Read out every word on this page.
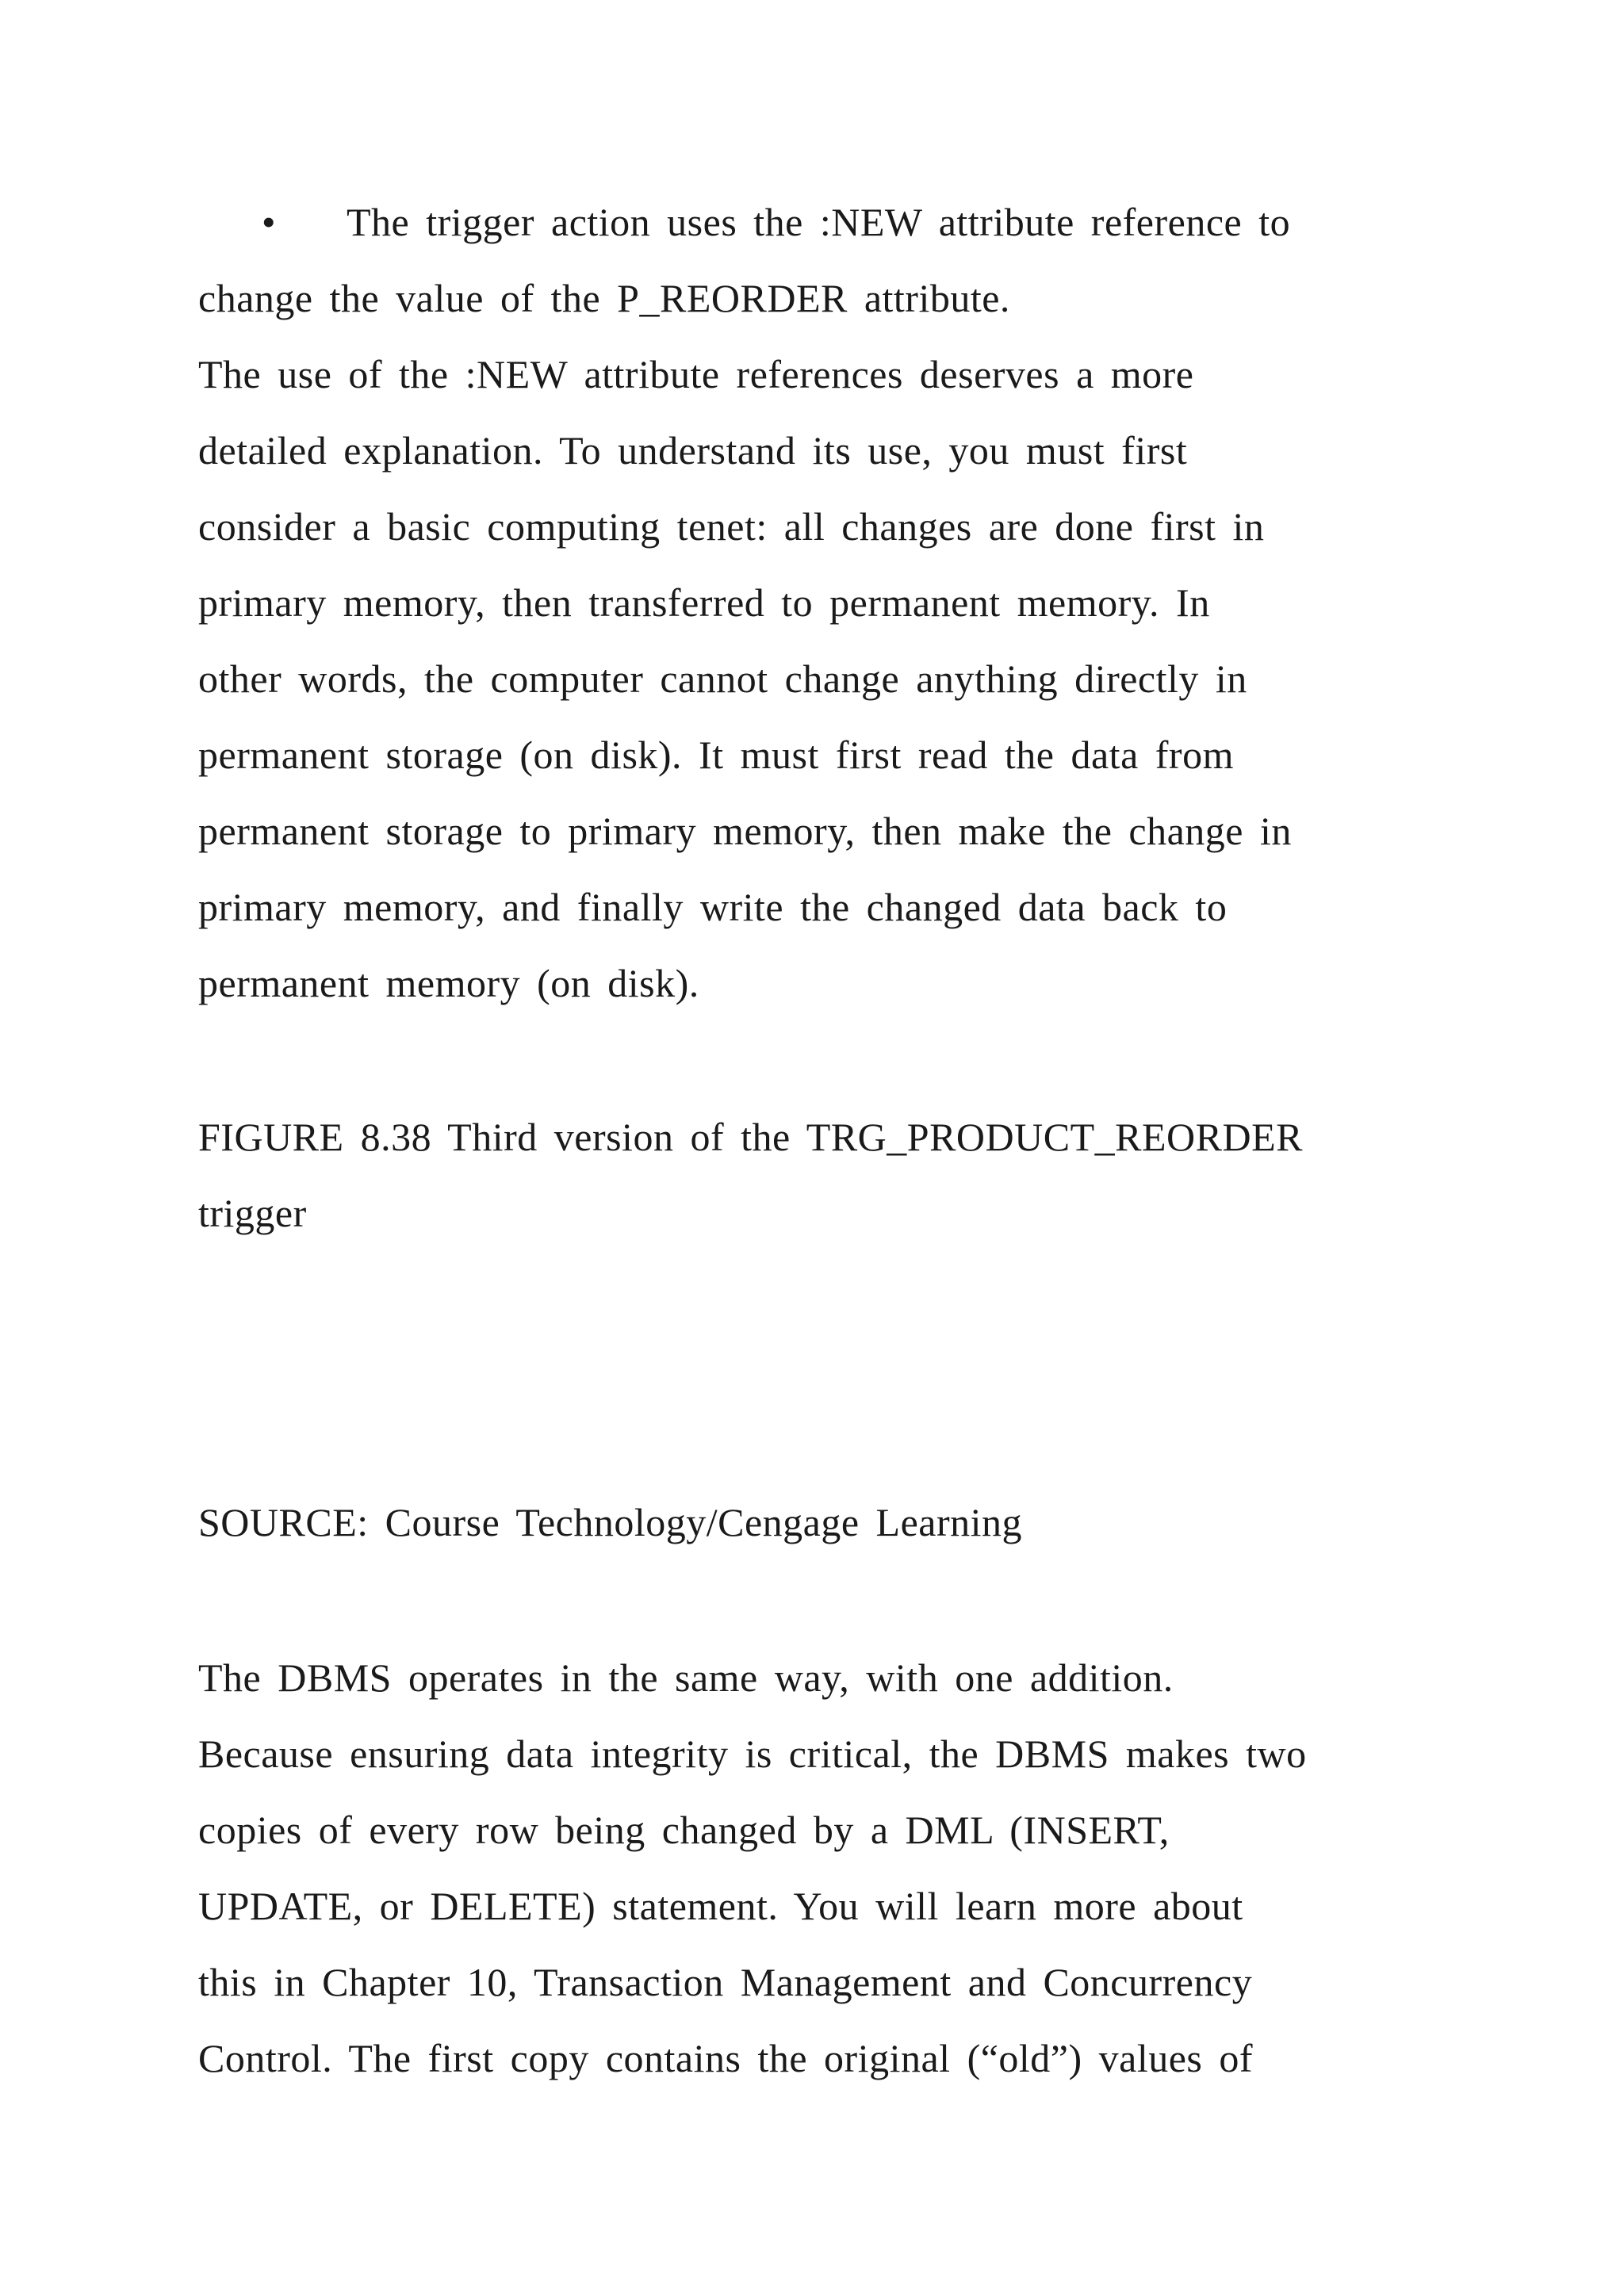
• The trigger action uses the :NEW attribute reference to
change the value of the P_REORDER attribute.
The use of the :NEW attribute references deserves a more
detailed explanation. To understand its use, you must first
consider a basic computing tenet: all changes are done first in
primary memory, then transferred to permanent memory. In
other words, the computer cannot change anything directly in
permanent storage (on disk). It must first read the data from
permanent storage to primary memory, then make the change in
primary memory, and finally write the changed data back to
permanent memory (on disk).
FIGURE 8.38 Third version of the TRG_PRODUCT_REORDER
trigger
SOURCE: Course Technology/Cengage Learning
The DBMS operates in the same way, with one addition.
Because ensuring data integrity is critical, the DBMS makes two
copies of every row being changed by a DML (INSERT,
UPDATE, or DELETE) statement. You will learn more about
this in Chapter 10, Transaction Management and Concurrency
Control. The first copy contains the original (“old”) values of
